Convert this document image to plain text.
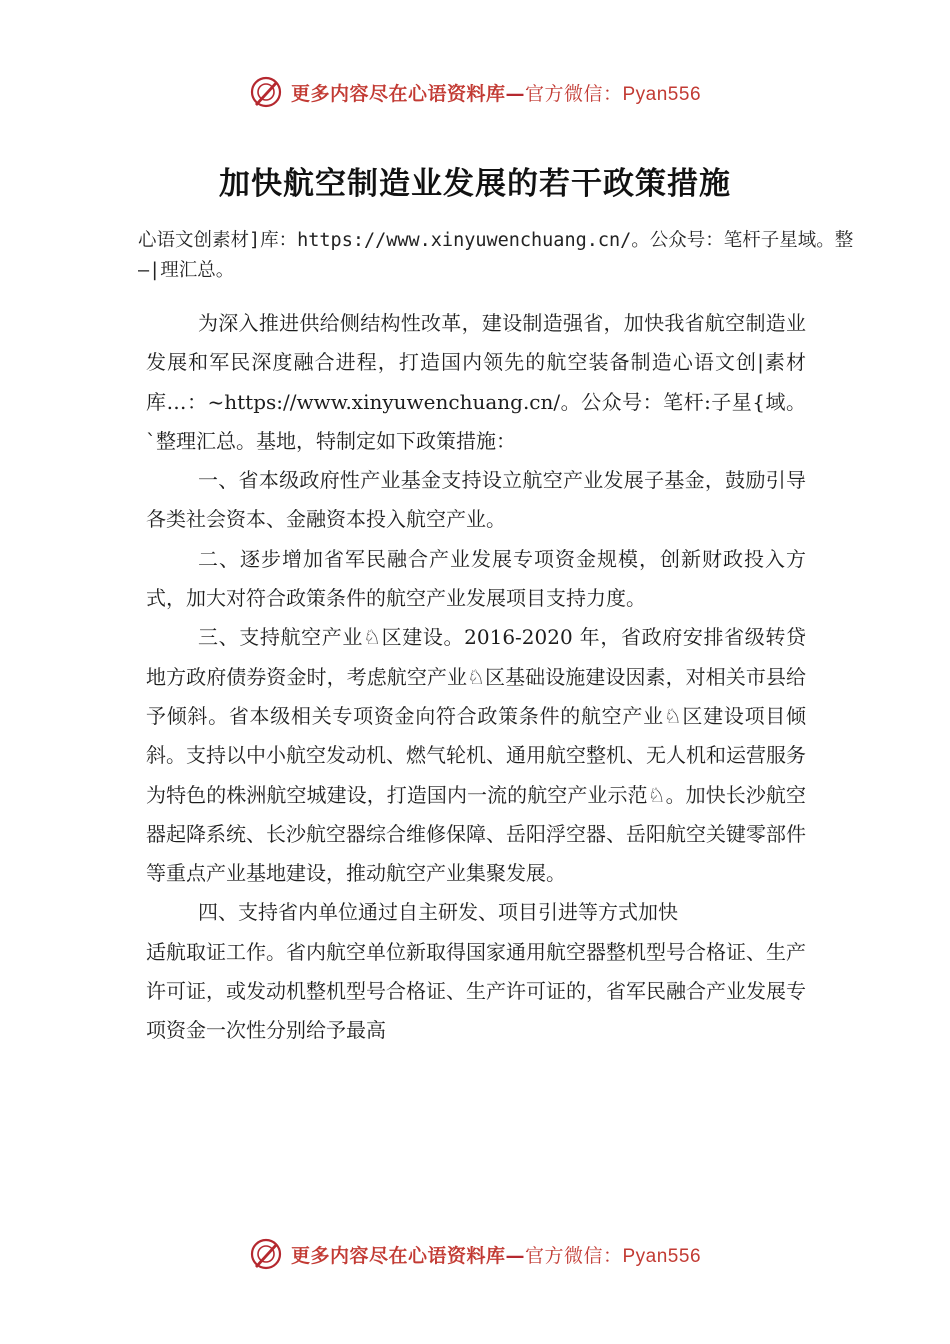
更多内容尽在心语资料库—官方微信：Pyan556
加快航空制造业发展的若干政策措施
心语文创素材]库：https://www.xinyuwenchuang.cn/。公众号：笔杆子星域。整—|理汇总。

为深入推进供给侧结构性改革，建设制造强省，加快我省航空制造业发展和军民深度融合进程，打造国内领先的航空装备制造心语文创|素材库…：~https://www.xinyuwenchuang.cn/。公众号：笔杆:子星{域。`整理汇总。基地，特制定如下政策措施：

一、省本级政府性产业基金支持设立航空产业发展子基金，鼓励引导各类社会资本、金融资本投入航空产业。

二、逐步增加省军民融合产业发展专项资金规模，创新财政投入方式，加大对符合政策条件的航空产业发展项目支持力度。

三、支持航空产业♘区建设。2016-2020 年，省政府安排省级转贷地方政府债券资金时，考虑航空产业♘区基础设施建设因素，对相关市县给予倾斜。省本级相关专项资金向符合政策条件的航空产业♘区建设项目倾斜。支持以中小航空发动机、燃气轮机、通用航空整机、无人机和运营服务为特色的株洲航空城建设，打造国内一流的航空产业示范♘。加快长沙航空器起降系统、长沙航空器综合维修保障、岳阳浮空器、岳阳航空关键零部件等重点产业基地建设，推动航空产业集聚发展。

四、支持省内单位通过自主研发、项目引进等方式加快

适航取证工作。省内航空单位新取得国家通用航空器整机型号合格证、生产许可证，或发动机整机型号合格证、生产许可证的，省军民融合产业发展专项资金一次性分别给予最高

更多内容尽在心语资料库—官方微信：Pyan556
